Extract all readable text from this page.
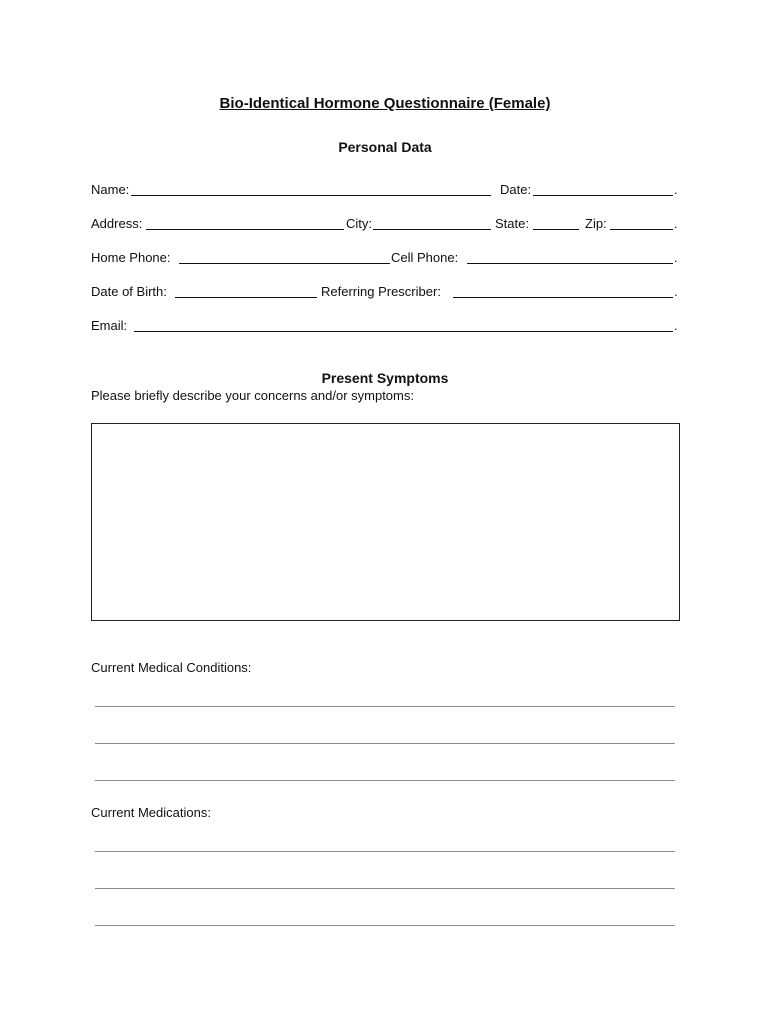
Bio-Identical Hormone Questionnaire (Female)
Personal Data
Name:	Date:	.
Address:	City:	State:	Zip:	.
Home Phone:	Cell Phone:	.
Date of Birth:	Referring Prescriber:	.
Email:	.
Present Symptoms
Please briefly describe your concerns and/or symptoms:
Current Medical Conditions:
Current Medications:
